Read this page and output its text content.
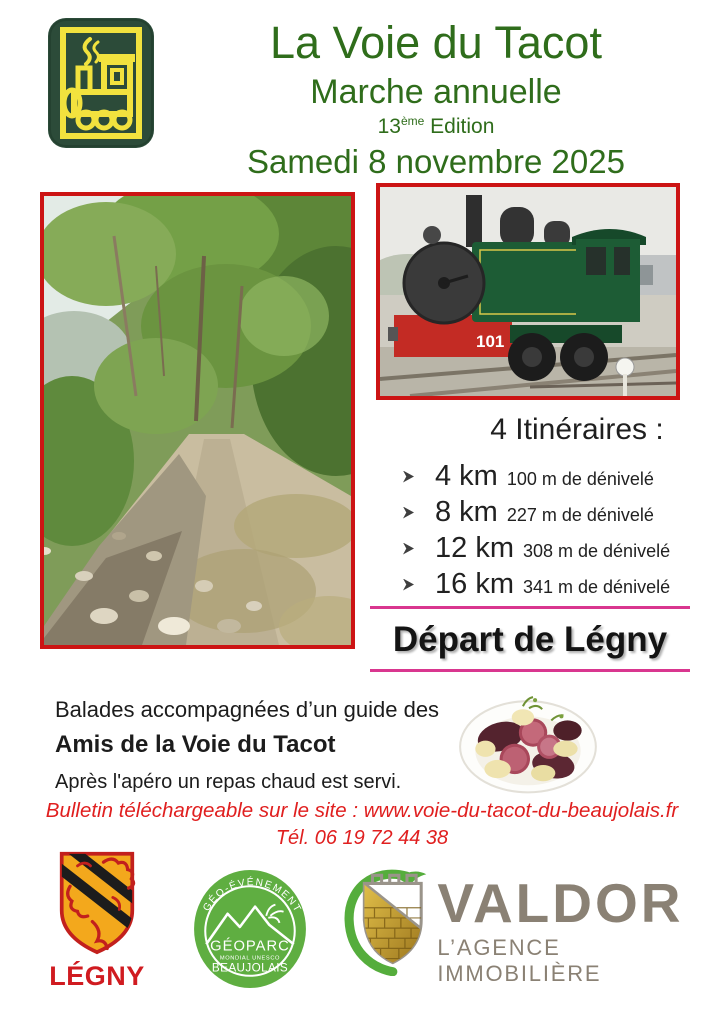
La Voie du Tacot
Marche annuelle
13ème Edition
Samedi 8 novembre 2025
101
4 Itinéraires :
4 km 100 m de dénivelé
8 km 227 m de dénivelé
12 km 308 m de dénivelé
16 km 341 m de dénivelé
Départ de Légny
Balades accompagnées d’un guide des
Amis de la Voie du Tacot
Après l'apéro un repas chaud est servi.
Bulletin téléchargeable sur le site : www.voie-du-tacot-du-beaujolais.fr
Tél. 06 19 72 44 38
LÉGNY
GÉO-ÉVÉNEMENT
GÉOPARC
MONDIAL UNESCO
BEAUJOLAIS
VALDOR
L’AGENCE IMMOBILIÈRE
